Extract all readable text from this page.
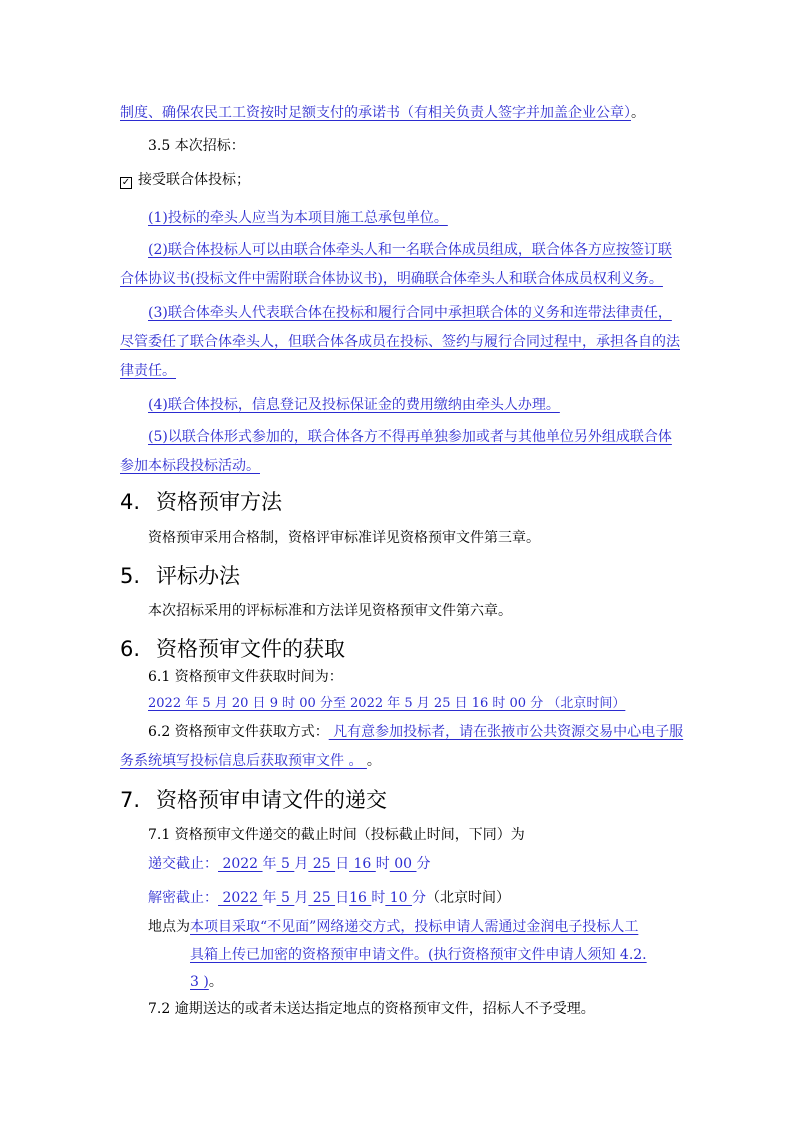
制度、确保农民工工资按时足额支付的承诺书（有相关负责人签字并加盖企业公章）。
3.5 本次招标：
✓ 接受联合体投标；
(1)投标的牵头人应当为本项目施工总承包单位。
(2)联合体投标人可以由联合体牵头人和一名联合体成员组成，联合体各方应按签订联
合体协议书(投标文件中需附联合体协议书)，明确联合体牵头人和联合体成员权利义务。
(3)联合体牵头人代表联合体在投标和履行合同中承担联合体的义务和连带法律责任，
尽管委任了联合体牵头人，但联合体各成员在投标、签约与履行合同过程中，承担各自的法
律责任。
(4)联合体投标，信息登记及投标保证金的费用缴纳由牵头人办理。
(5)以联合体形式参加的，联合体各方不得再单独参加或者与其他单位另外组成联合体
参加本标段投标活动。
4. 资格预审方法
资格预审采用合格制，资格评审标准详见资格预审文件第三章。
5. 评标办法
本次招标采用的评标标准和方法详见资格预审文件第六章。
6. 资格预审文件的获取
6.1 资格预审文件获取时间为：
2022 年 5 月 20 日 9 时 00 分至 2022 年 5 月 25 日 16 时 00 分 （北京时间）
6.2 资格预审文件获取方式： 凡有意参加投标者，请在张掖市公共资源交易中心电子服
务系统填写投标信息后获取预审文件 。 。
7. 资格预审申请文件的递交
7.1 资格预审文件递交的截止时间（投标截止时间，下同）为
递交截止： 2022 年 5 月 25 日 16 时 00 分
解密截止： 2022 年 5 月 25 日16 时 10 分（北京时间）
地点为本项目采取“不见面”网络递交方式，投标申请人需通过金润电子投标人工
具箱上传已加密的资格预审申请文件。(执行资格预审文件申请人须知 4.2.
3 )。
7.2 逾期送达的或者未送达指定地点的资格预审文件，招标人不予受理。
